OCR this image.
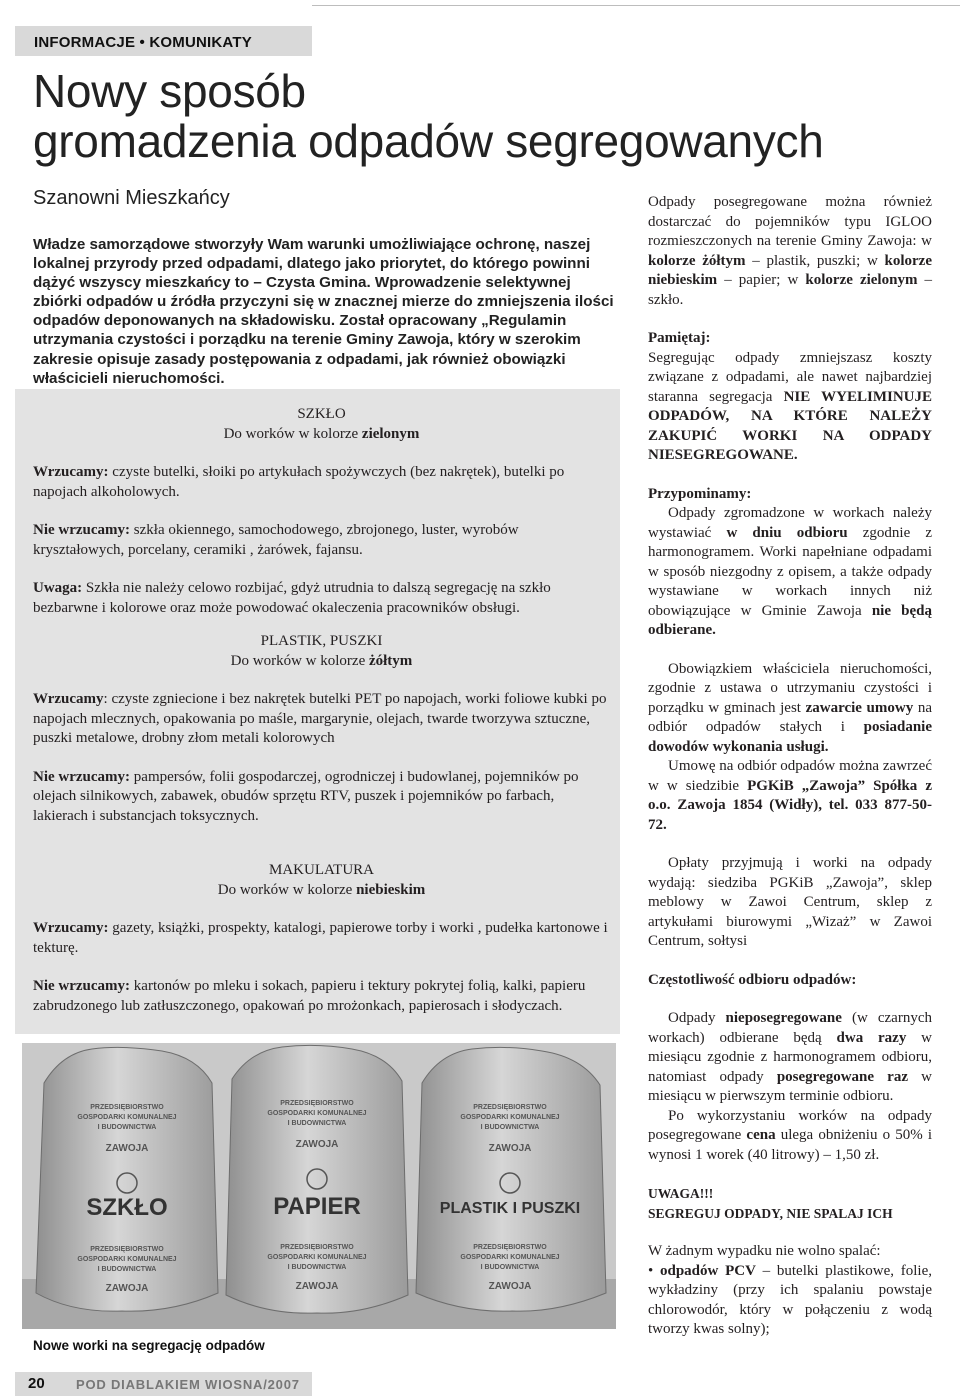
INFORMACJE • KOMUNIKATY
Nowy sposób
gromadzenia odpadów segregowanych
Szanowni Mieszkańcy
Władze samorządowe stworzyły Wam warunki umożliwiające ochronę, naszej lokalnej przyrody przed odpadami, dlatego jako priorytet, do którego powinni dążyć wszyscy mieszkańcy to – Czysta Gmina. Wprowadzenie selektywnej zbiórki odpadów u źródła przyczyni się w znacznej mierze do zmniejszenia ilości odpadów deponowanych na składowisku. Został opracowany „Regulamin utrzymania czystości i porządku na terenie Gminy Zawoja, który w szerokim zakresie opisuje zasady postępowania z odpadami, jak również obowiązki właścicieli nieruchomości.

SZKŁO

Do worków w kolorze zielonym

Wrzucamy: czyste butelki, słoiki po artykułach spożywczych (bez nakrętek), butelki po napojach alkoholowych.

Nie wrzucamy: szkła okiennego, samochodowego, zbrojonego, luster, wyrobów kryształowych, porcelany, ceramiki , żarówek, fajansu.

Uwaga: Szkła nie należy celowo rozbijać, gdyż utrudnia to dalszą segregację na szkło bezbarwne i kolorowe oraz może powodować okaleczenia pracowników obsługi.

PLASTIK, PUSZKI

Do worków w kolorze żółtym

Wrzucamy: czyste zgniecione i bez nakrętek butelki PET po napojach, worki foliowe kubki po napojach mlecznych, opakowania po maśle, margarynie, olejach, twarde tworzywa sztuczne, puszki metalowe, drobny złom metali kolorowych

Nie wrzucamy: pampersów, folii gospodarczej, ogrodniczej i budowlanej, pojemników po olejach silnikowych, zabawek, obudów sprzętu RTV, puszek i pojemników po farbach, lakierach i substancjach toksycznych.

MAKULATURA

Do worków w kolorze niebieskim

Wrzucamy: gazety, książki, prospekty, katalogi, papierowe torby i worki , pudełka kartonowe i tekturę.

Nie wrzucamy: kartonów po mleku i sokach, papieru i tektury pokrytej folią, kalki, papieru zabrudzonego lub zatłuszczonego, opakowań po mrożonkach, papierosach i słodyczach.

PRZEDSIĘBIORSTWO
GOSPODARKI KOMUNALNEJ
I BUDOWNICTWA
ZAWOJA
SZKŁO
PRZEDSIĘBIORSTWO
GOSPODARKI KOMUNALNEJ
I BUDOWNICTWA
ZAWOJA
PRZEDSIĘBIORSTWO
GOSPODARKI KOMUNALNEJ
I BUDOWNICTWA
ZAWOJA
PAPIER
PRZEDSIĘBIORSTWO
GOSPODARKI KOMUNALNEJ
I BUDOWNICTWA
ZAWOJA
PRZEDSIĘBIORSTWO
GOSPODARKI KOMUNALNEJ
I BUDOWNICTWA
ZAWOJA
PLASTIK I PUSZKI
PRZEDSIĘBIORSTWO
GOSPODARKI KOMUNALNEJ
I BUDOWNICTWA
ZAWOJA
Nowe worki na segregację odpadów

Odpady posegregowane można również dostarczać do pojemników typu IGLOO rozmieszczonych na terenie Gminy Zawoja: w kolorze żółtym – plastik, puszki; w kolorze niebieskim – papier; w kolorze zielonym – szkło.

Pamiętaj:

Segregując odpady zmniejszasz koszty związane z odpadami, ale nawet najbardziej staranna segregacja NIE WYELIMINUJE ODPADÓW, NA KTÓRE NALEŻY ZAKUPIĆ WORKI NA ODPADY NIESEGREGOWANE.

Przypominamy:

Odpady zgromadzone w workach należy wystawiać w dniu odbioru zgodnie z harmonogramem. Worki napełniane odpadami w sposób niezgodny z opisem, a także odpady wystawiane w workach innych niż obowiązujące w Gminie Zawoja nie będą odbierane.

Obowiązkiem właściciela nieruchomości, zgodnie z ustawa o utrzymaniu czystości i porządku w gminach jest zawarcie umowy na odbiór odpadów stałych i posiadanie dowodów wykonania usługi.

Umowę na odbiór odpadów można zawrzeć w w siedzibie PGKiB „Zawoja” Spółka z o.o. Zawoja 1854 (Widły), tel. 033 877-50-72.

Opłaty przyjmują i worki na odpady wydają: siedziba PGKiB „Zawoja”, sklep meblowy w Zawoi Centrum, sklep z artykułami biurowymi „Wizaż” w Zawoi Centrum, sołtysi

Częstotliwość odbioru odpadów:

Odpady nieposegregowane (w czarnych workach) odbierane będą dwa razy w miesiącu zgodnie z harmonogramem odbioru, natomiast odpady posegregowane raz w miesiącu w pierwszym terminie odbioru.

Po wykorzystaniu worków na odpady posegregowane cena ulega obniżeniu o 50% i wynosi 1 worek (40 litrowy) – 1,50 zł.

UWAGA!!!

SEGREGUJ ODPADY, NIE SPALAJ ICH

W żadnym wypadku nie wolno spalać:

• odpadów PCV – butelki plastikowe, folie, wykładziny (przy ich spalaniu powstaje chlorowodór, który w połączeniu z wodą tworzy kwas solny);

20 POD DIABLAKIEM WIOSNA/2007
